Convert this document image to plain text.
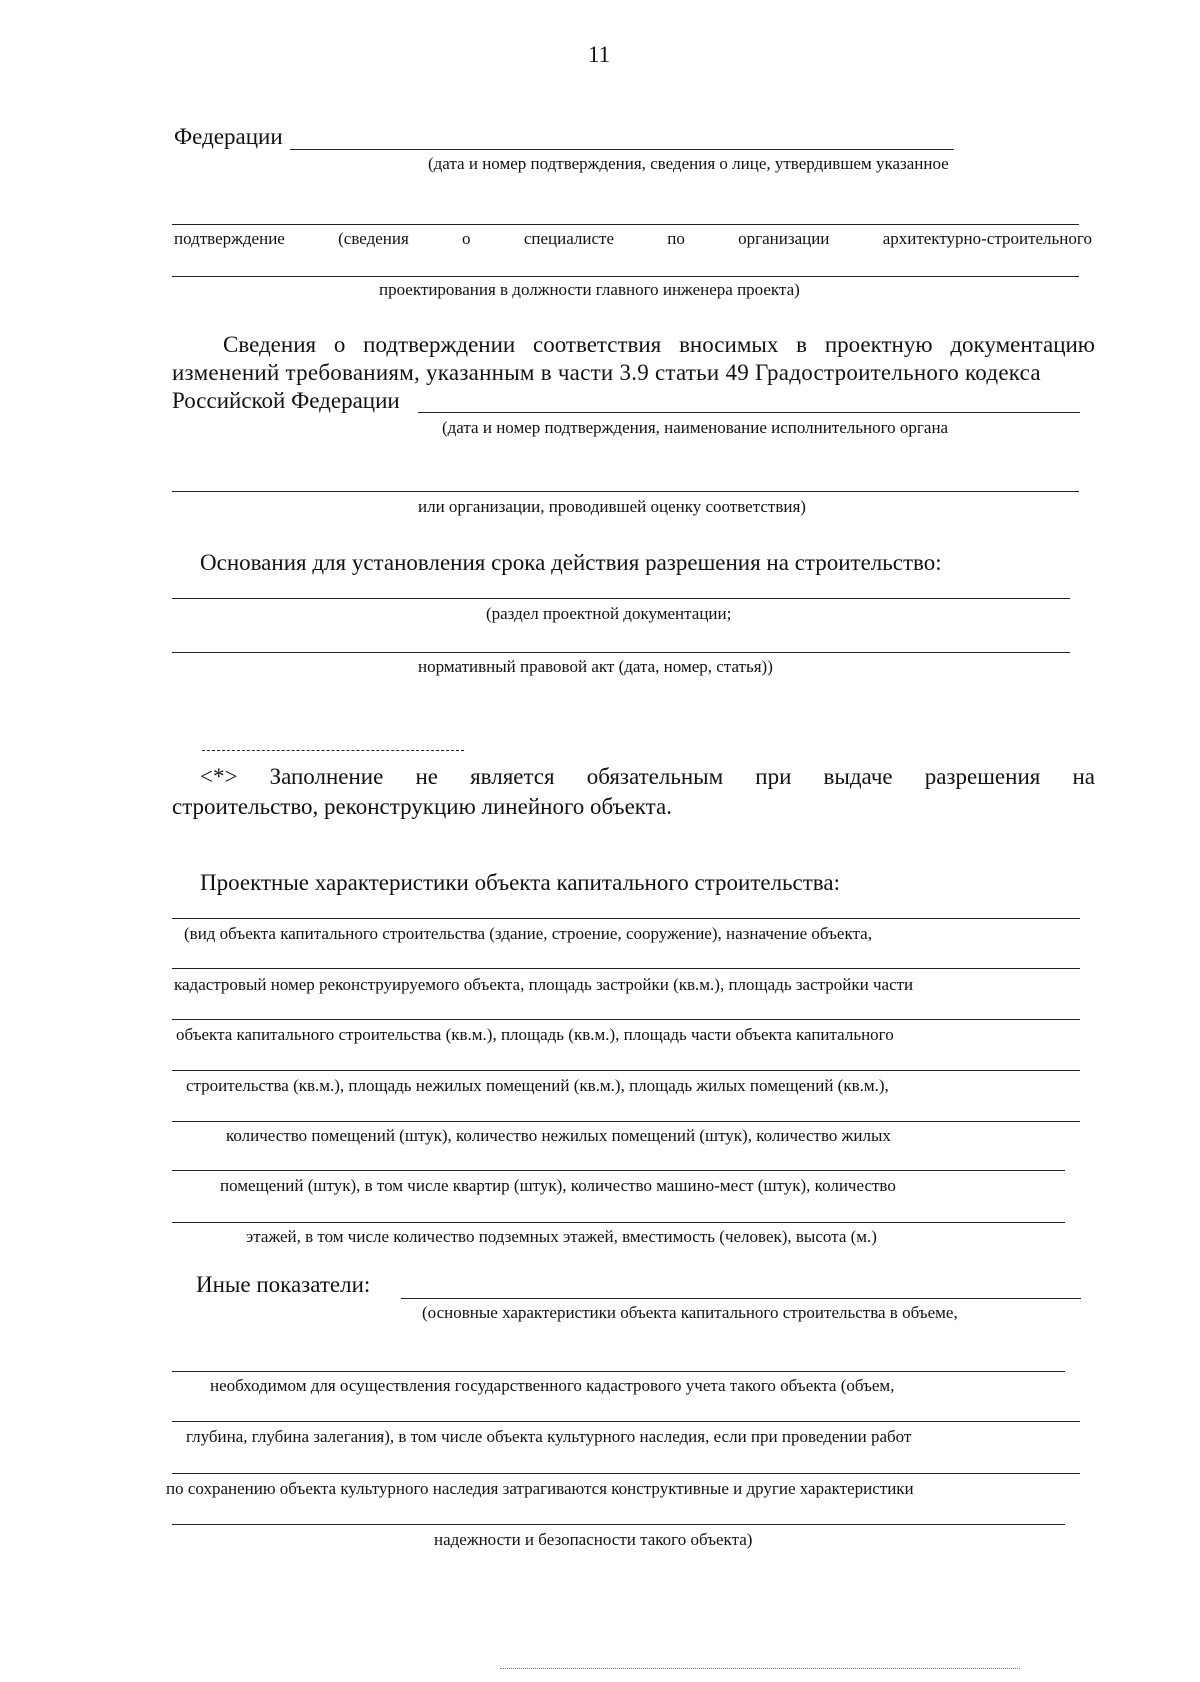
11
Федерации
(дата и номер подтверждения, сведения о лице, утвердившем указанное
подтверждение	(сведения	о	специалисте	по	организации	архитектурно-строительного
проектирования в должности главного инженера проекта)
Сведения о подтверждении соответствия вносимых в проектную документацию
изменений требованиям, указанным в части 3.9 статьи 49 Градостроительного кодекса
Российской Федерации
(дата и номер подтверждения, наименование исполнительного органа
или организации, проводившей оценку соответствия)
Основания для установления срока действия разрешения на строительство:
(раздел проектной документации;
нормативный правовой акт (дата, номер, статья))
<*> Заполнение не является обязательным при выдаче разрешения на
строительство, реконструкцию линейного объекта.
Проектные характеристики объекта капитального строительства:
(вид объекта капитального строительства (здание, строение, сооружение), назначение объекта,
кадастровый номер реконструируемого объекта, площадь застройки (кв.м.), площадь застройки части
объекта капитального строительства (кв.м.), площадь (кв.м.), площадь части объекта капитального
строительства (кв.м.), площадь нежилых помещений (кв.м.), площадь жилых помещений (кв.м.),
количество помещений (штук), количество нежилых помещений (штук), количество жилых
помещений (штук), в том числе квартир (штук), количество машино-мест (штук), количество
этажей, в том числе количество подземных этажей, вместимость (человек), высота (м.)
Иные показатели:
(основные характеристики объекта капитального строительства в объеме,
необходимом для осуществления государственного кадастрового учета такого объекта (объем,
глубина, глубина залегания), в том числе объекта культурного наследия, если при проведении работ
по сохранению объекта культурного наследия затрагиваются конструктивные и другие характеристики
надежности и безопасности такого объекта)
